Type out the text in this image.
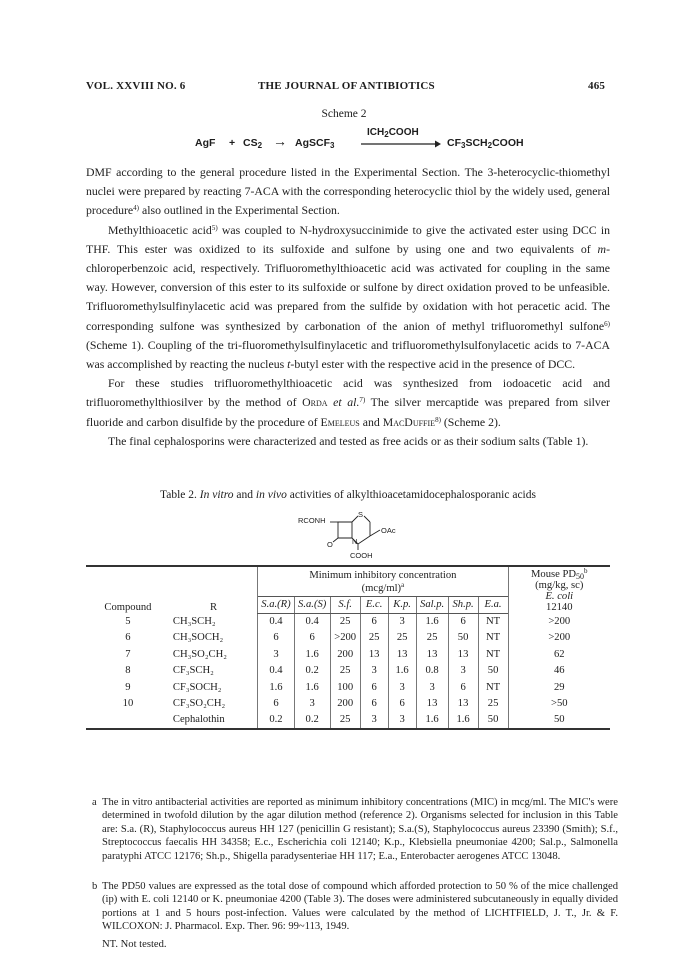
VOL. XXVIII NO. 6	THE JOURNAL OF ANTIBIOTICS	465
Scheme 2
AgF + $CS_2$ → AgSCF$_3$
$ICH_2COOH$
$CF_3SCH_2COOH$

DMF according to the general procedure listed in the Experimental Section. The 3-heterocyclic-thiomethyl nuclei were prepared by reacting 7-ACA with the corresponding heterocyclic thiol by the widely used, general procedure$^{4)}$ also outlined in the Experimental Section.

Methylthioacetic acid$^{5)}$ was coupled to N-hydroxysuccinimide to give the activated ester using DCC in THF. This ester was oxidized to its sulfoxide and sulfone by using one and two equivalents of m-chloroperbenzoic acid, respectively. Trifluoromethylthioacetic acid was activated for coupling in the same way. However, conversion of this ester to its sulfoxide or sulfone by direct oxidation proved to be unfeasible. Trifluoromethylsulfinylacetic acid was prepared from the sulfide by oxidation with hot peracetic acid. The corresponding sulfone was synthesized by carbonation of the anion of methyl trifluoromethyl sulfone$^{6)}$ (Scheme 1). Coupling of the tri-fluoromethylsulfinylacetic and trifluoromethylsulfonylacetic acids to 7-ACA was accomplished by reacting the nucleus t-butyl ester with the respective acid in the presence of DCC.

For these studies trifluoromethylthioacetic acid was synthesized from iodoacetic acid and trifluoromethylthiosilver by the method of Orda et al.$^{7)}$ The silver mercaptide was prepared from silver fluoride and carbon disulfide by the procedure of Emeleus and MacDuffie$^{8)}$ (Scheme 2).

The final cephalosporins were characterized and tested as free acids or as their sodium salts (Table 1).

Table 2. In vitro and in vivo activities of alkylthioacetamidocephalosporanic acids
RCONH
S
OAc
O	N
COOH
Compound	R	Minimum inhibitory concentration
$(mcg/ml)^a$								Mouse $PD_{50}^b$
(mg/kg, sc)
E. coli
12140
		S.a.(R)	S.a.(S)	S.f.	E.c.	K.p.	Sal.p.	Sh.p.	E.a.	
5	CH₃SCH₂	0.4	0.4	25	6	3	1.6	6	NT	>200
6	CH₃SOCH₂	6	6	>200	25	25	25	50	NT	>200
7	CH₃SO₂CH₂	3	1.6	200	13	13	13	13	NT	62
8	CF₃SCH₂	0.4	0.2	25	3	1.6	0.8	3	50	46
9	CF₃SOCH₂	1.6	1.6	100	6	3	3	6	NT	29
10	CF₃SO₂CH₂	6	3	200	6	6	13	13	25	>50
	Cephalothin	0.2	0.2	25	3	3	1.6	1.6	50	50
a The in vitro antibacterial activities are reported as minimum inhibitory concentrations (MIC) in mcg/ml. The MIC's were determined in twofold dilution by the agar dilution method (reference 2). Organisms selected for inclusion in this Table are: S.a. (R), Staphylococcus aureus HH 127 (penicillin G resistant); S.a.(S), Staphylococcus aureus 23390 (Smith); S.f., Streptococcus faecalis HH 34358; E.c., Escherichia coli 12140; K.p., Klebsiella pneumoniae 4200; Sal.p., Salmonella paratyphi ATCC 12176; Sh.p., Shigella paradysenteriae HH 117; E.a., Enterobacter aerogenes ATCC 13048.
b The PD50 values are expressed as the total dose of compound which afforded protection to 50 % of the mice challenged (ip) with E. coli 12140 or K. pneumoniae 4200 (Table 3). The doses were administered subcutaneously in equally divided portions at 1 and 5 hours post-infection. Values were calculated by the method of LICHTFIELD, J. T., Jr. & F. WILCOXON: J. Pharmacol. Exp. Ther. 96: 99~113, 1949.
NT. Not tested.
